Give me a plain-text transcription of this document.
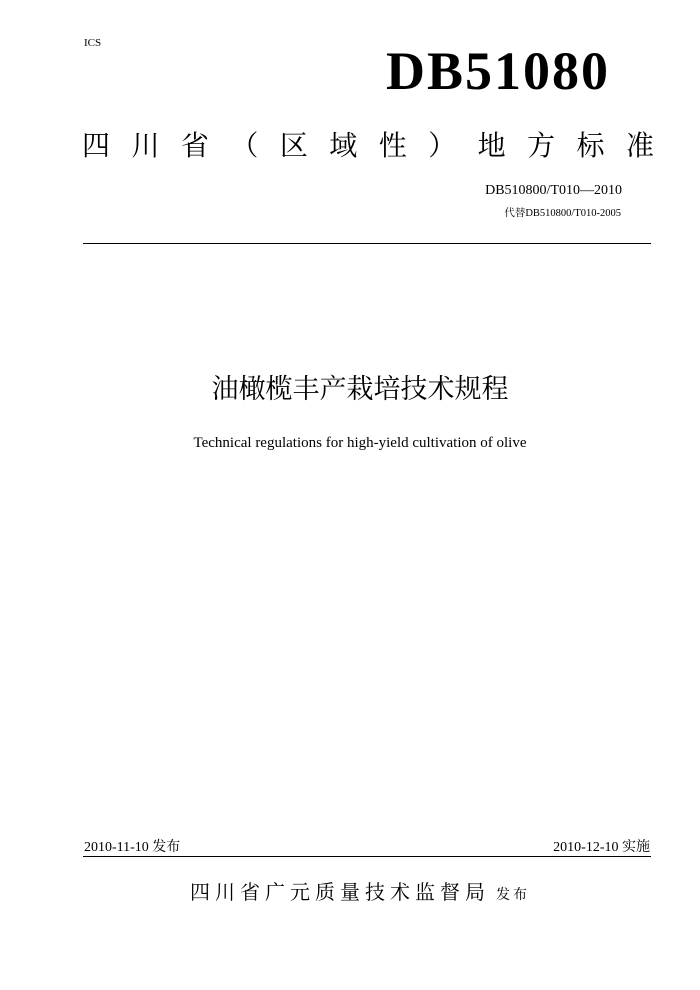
ICS	DB51080
四 川 省 （ 区 域 性 ） 地 方 标 准
DB510800/T010—2010
代替DB510800/T010-2005
油橄榄丰产栽培技术规程
Technical regulations for high-yield cultivation of olive
2010-11-10 发布	2010-12-10 实施
四川省广元质量技术监督局 发布
